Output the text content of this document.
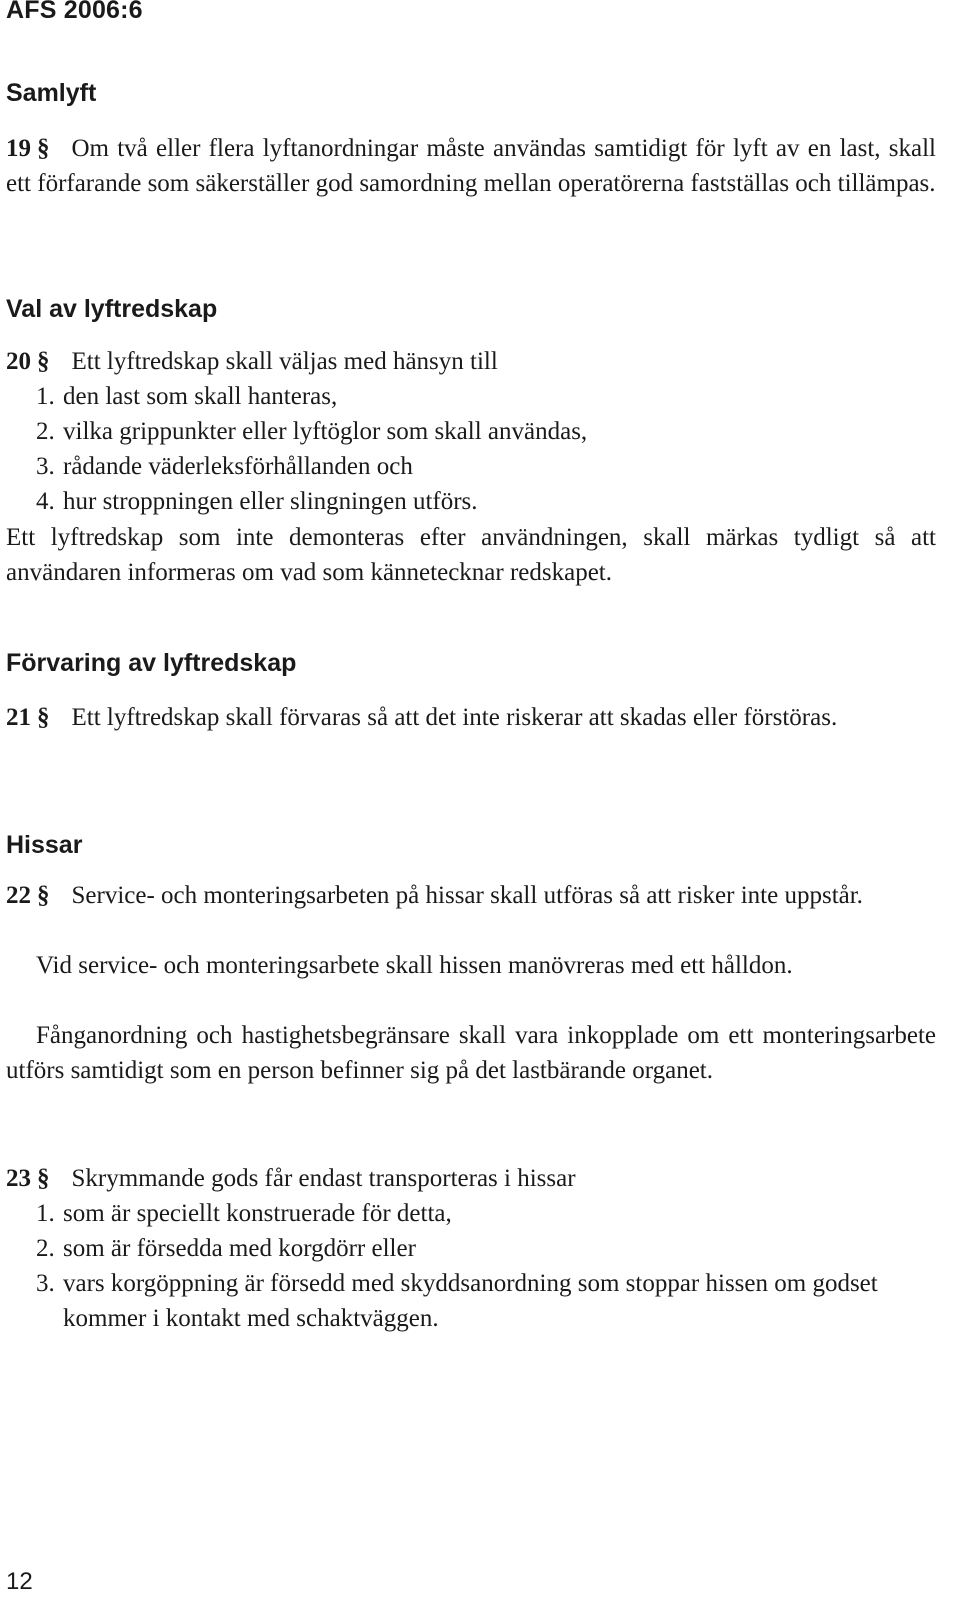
AFS 2006:6
Samlyft
19 § Om två eller flera lyftanordningar måste användas samtidigt för lyft av en last, skall ett förfarande som säkerställer god samordning mellan operatörerna fastställas och tillämpas.
Val av lyftredskap
20 § Ett lyftredskap skall väljas med hänsyn till
1. den last som skall hanteras,
2. vilka grippunkter eller lyftöglor som skall användas,
3. rådande väderleksförhållanden och
4. hur stroppningen eller slingningen utförs.
Ett lyftredskap som inte demonteras efter användningen, skall märkas tydligt så att användaren informeras om vad som kännetecknar redskapet.
Förvaring av lyftredskap
21 § Ett lyftredskap skall förvaras så att det inte riskerar att skadas eller förstöras.
Hissar
22 § Service- och monteringsarbeten på hissar skall utföras så att risker inte uppstår.
Vid service- och monteringsarbete skall hissen manövreras med ett hålldon.
Fånganordning och hastighetsbegränsare skall vara inkopplade om ett monteringsarbete utförs samtidigt som en person befinner sig på det lastbärande organet.
23 § Skrymmande gods får endast transporteras i hissar
1. som är speciellt konstruerade för detta,
2. som är försedda med korgdörr eller
3. vars korgöppning är försedd med skyddsanordning som stoppar hissen om godset kommer i kontakt med schaktväggen.
12
